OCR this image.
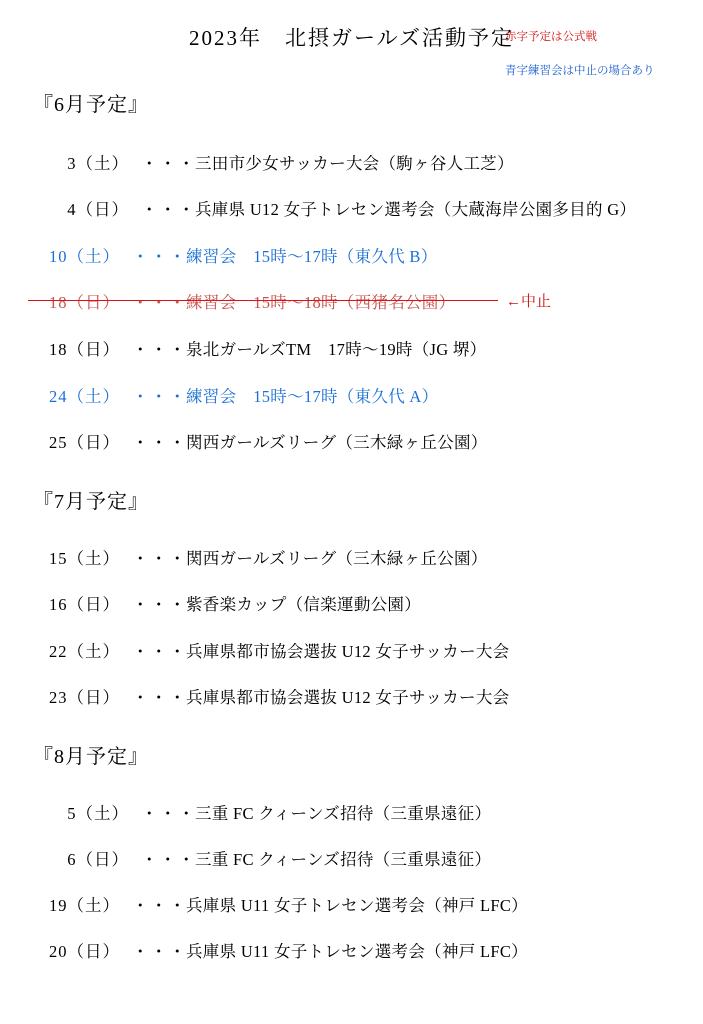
2023年　北摂ガールズ活動予定
赤字予定は公式戦
青字練習会は中止の場合あり
『6月予定』
3（土） ・・・
三田市少女サッカー大会（駒ヶ谷人工芝）
4（日） ・・・
兵庫県 U12 女子トレセン選考会（大蔵海岸公園多目的 G）
10（土） ・・・
練習会　15時〜17時（東久代 B）
18（日） ・・・
練習会　15時〜18時（西猪名公園）	←中止
18（日） ・・・
泉北ガールズTM　17時〜19時（JG 堺）
24（土） ・・・
練習会　15時〜17時（東久代 A）
25（日） ・・・
関西ガールズリーグ（三木緑ヶ丘公園）
『7月予定』
15（土） ・・・
関西ガールズリーグ（三木緑ヶ丘公園）
16（日） ・・・
紫香楽カップ（信楽運動公園）
22（土） ・・・
兵庫県都市協会選抜 U12 女子サッカー大会
23（日） ・・・
兵庫県都市協会選抜 U12 女子サッカー大会
『8月予定』
5（土） ・・・
三重 FC クィーンズ招待（三重県遠征）
6（日） ・・・
三重 FC クィーンズ招待（三重県遠征）
19（土） ・・・
兵庫県 U11 女子トレセン選考会（神戸 LFC）
20（日） ・・・
兵庫県 U11 女子トレセン選考会（神戸 LFC）
